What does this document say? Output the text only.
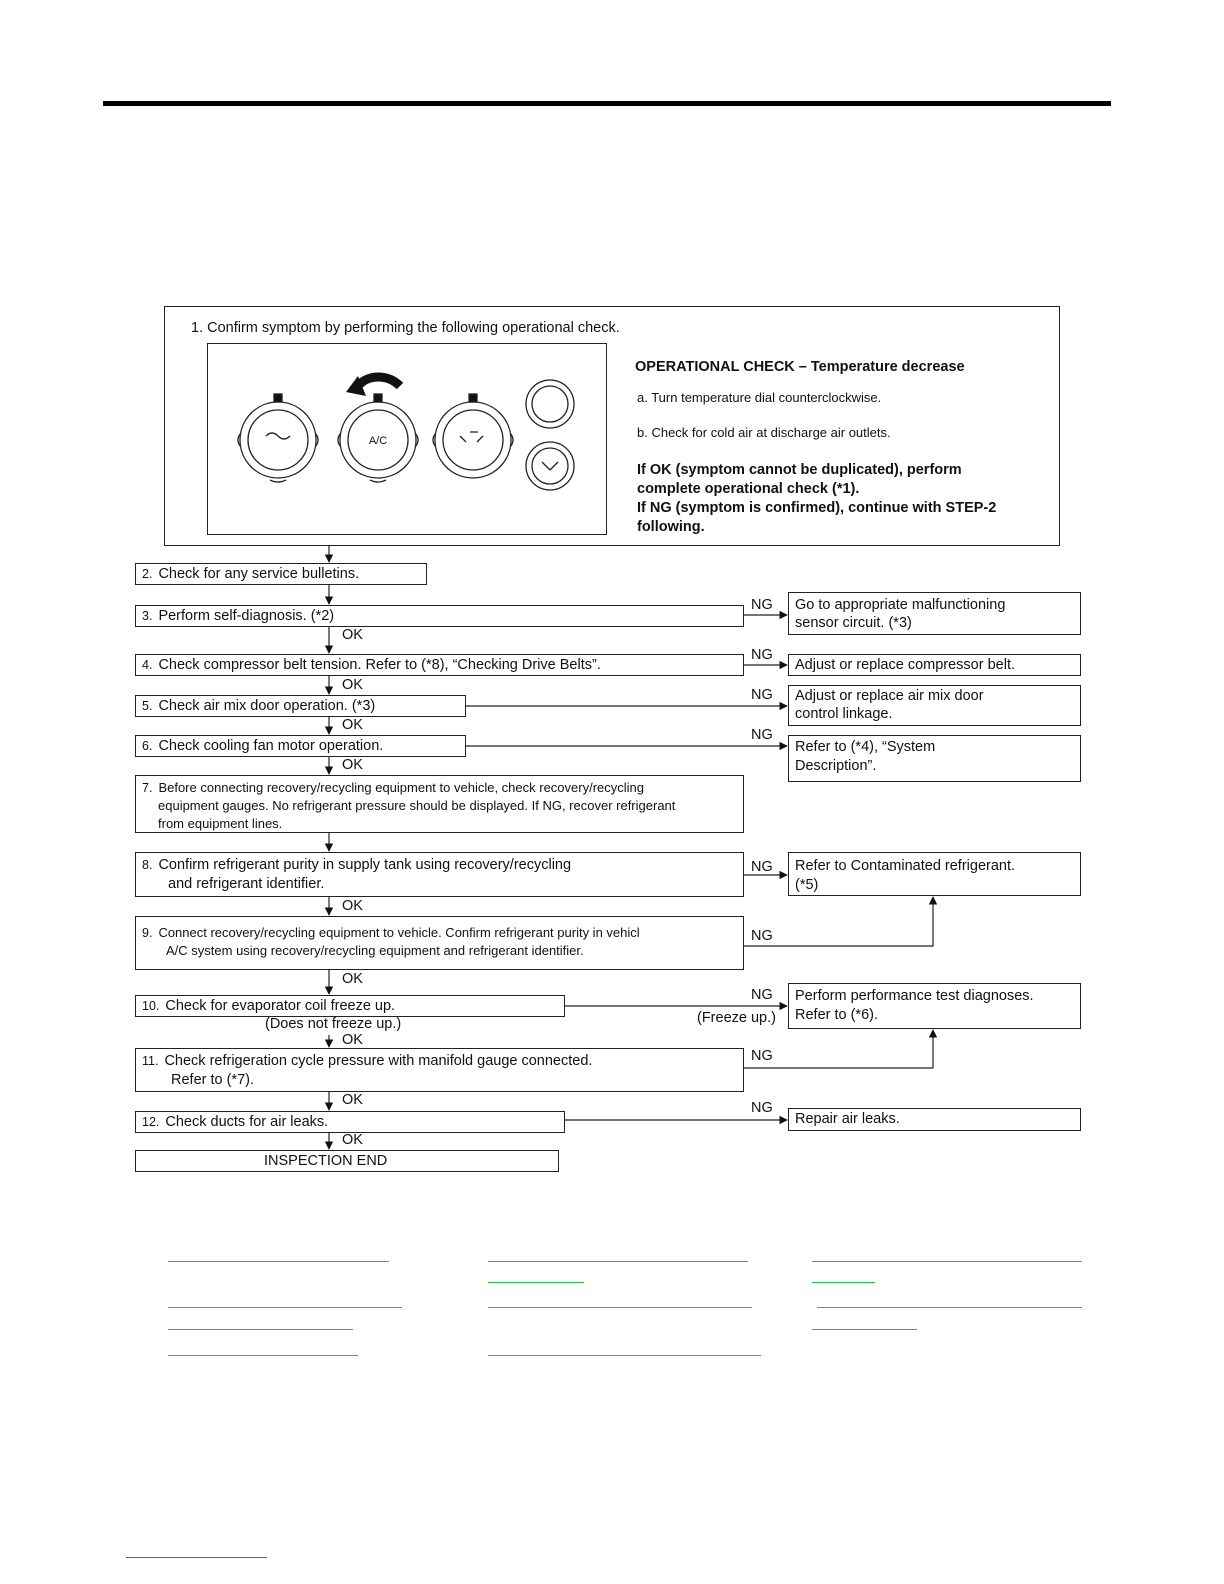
1. Confirm symptom by performing the following operational check.
A/C
OPERATIONAL CHECK – Temperature decrease
a. Turn temperature dial counterclockwise.
b. Check for cold air at discharge air outlets.
If OK (symptom cannot be duplicated), perform
complete operational check (*1).
If NG (symptom is confirmed), continue with STEP-2
following.
2. Check for any service bulletins.
3. Perform self-diagnosis. (*2)
4. Check compressor belt tension. Refer to (*8), “Checking Drive Belts”.
5. Check air mix door operation. (*3)
6. Check cooling fan motor operation.
7. Before connecting recovery/recycling equipment to vehicle, check recovery/recycling
equipment gauges. No refrigerant pressure should be displayed. If NG, recover refrigerant
from equipment lines.
8. Confirm refrigerant purity in supply tank using recovery/recycling
and refrigerant identifier.
9. Connect recovery/recycling equipment to vehicle. Confirm refrigerant purity in vehicl
A/C system using recovery/recycling equipment and refrigerant identifier.
10. Check for evaporator coil freeze up.
(Does not freeze up.)
11. Check refrigeration cycle pressure with manifold gauge connected.
Refer to (*7).
12. Check ducts for air leaks.
INSPECTION END
Go to appropriate malfunctioning
sensor circuit. (*3)
Adjust or replace compressor belt.
Adjust or replace air mix door
control linkage.
Refer to (*4), “System
Description”.
Refer to Contaminated refrigerant.
(*5)
Perform performance test diagnoses.
Refer to (*6).
(Freeze up.)
Repair air leaks.
OK
OK
OK
OK
OK
OK
OK
OK
OK
NG
NG
NG
NG
NG
NG
NG
NG
NG
